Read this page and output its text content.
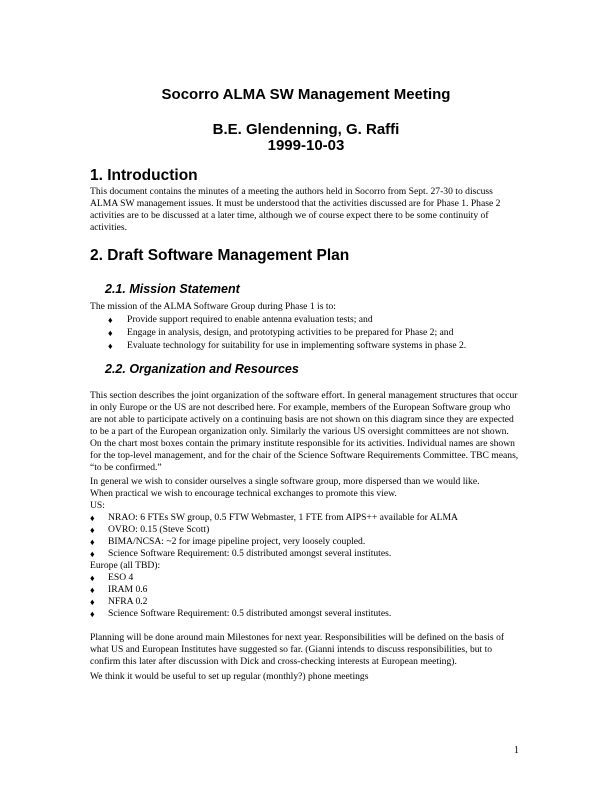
Socorro ALMA SW Management Meeting
B.E. Glendenning, G. Raffi
1999-10-03
1. Introduction
This document contains the minutes of a meeting the authors held in Socorro from Sept. 27-30 to discuss ALMA SW management issues. It must be understood that the activities discussed are for Phase 1. Phase 2 activities are to be discussed at a later time, although we of course expect there to be some continuity of activities.
2. Draft Software Management Plan
2.1. Mission Statement
The mission of the ALMA Software Group during Phase 1 is to:
♦ Provide support required to enable antenna evaluation tests; and
♦ Engage in analysis, design, and prototyping activities to be prepared for Phase 2; and
♦ Evaluate technology for suitability for use in implementing software systems in phase 2.
2.2. Organization and Resources
This section describes the joint organization of the software effort. In general management structures that occur in only Europe or the US are not described here. For example, members of the European Software group who are not able to participate actively on a continuing basis are not shown on this diagram since they are expected to be a part of the European organization only. Similarly the various US oversight committees are not shown. On the chart most boxes contain the primary institute responsible for its activities. Individual names are shown for the top-level management, and for the chair of the Science Software Requirements Committee. TBC means, “to be confirmed.”
In general we wish to consider ourselves a single software group, more dispersed than we would like.
When practical we wish to encourage technical exchanges to promote this view.
US:
♦ NRAO: 6 FTEs SW group, 0.5 FTW Webmaster, 1 FTE from AIPS++ available for ALMA
♦ OVRO: 0.15 (Steve Scott)
♦ BIMA/NCSA: ~2 for image pipeline project, very loosely coupled.
♦ Science Software Requirement: 0.5 distributed amongst several institutes.
Europe (all TBD):
♦ ESO 4
♦ IRAM 0.6
♦ NFRA 0.2
♦ Science Software Requirement: 0.5 distributed amongst several institutes.
Planning will be done around main Milestones for next year. Responsibilities will be defined on the basis of what US and European Institutes have suggested so far. (Gianni intends to discuss responsibilities, but to confirm this later after discussion with Dick and cross-checking interests at European meeting).
We think it would be useful to set up regular (monthly?) phone meetings
1
